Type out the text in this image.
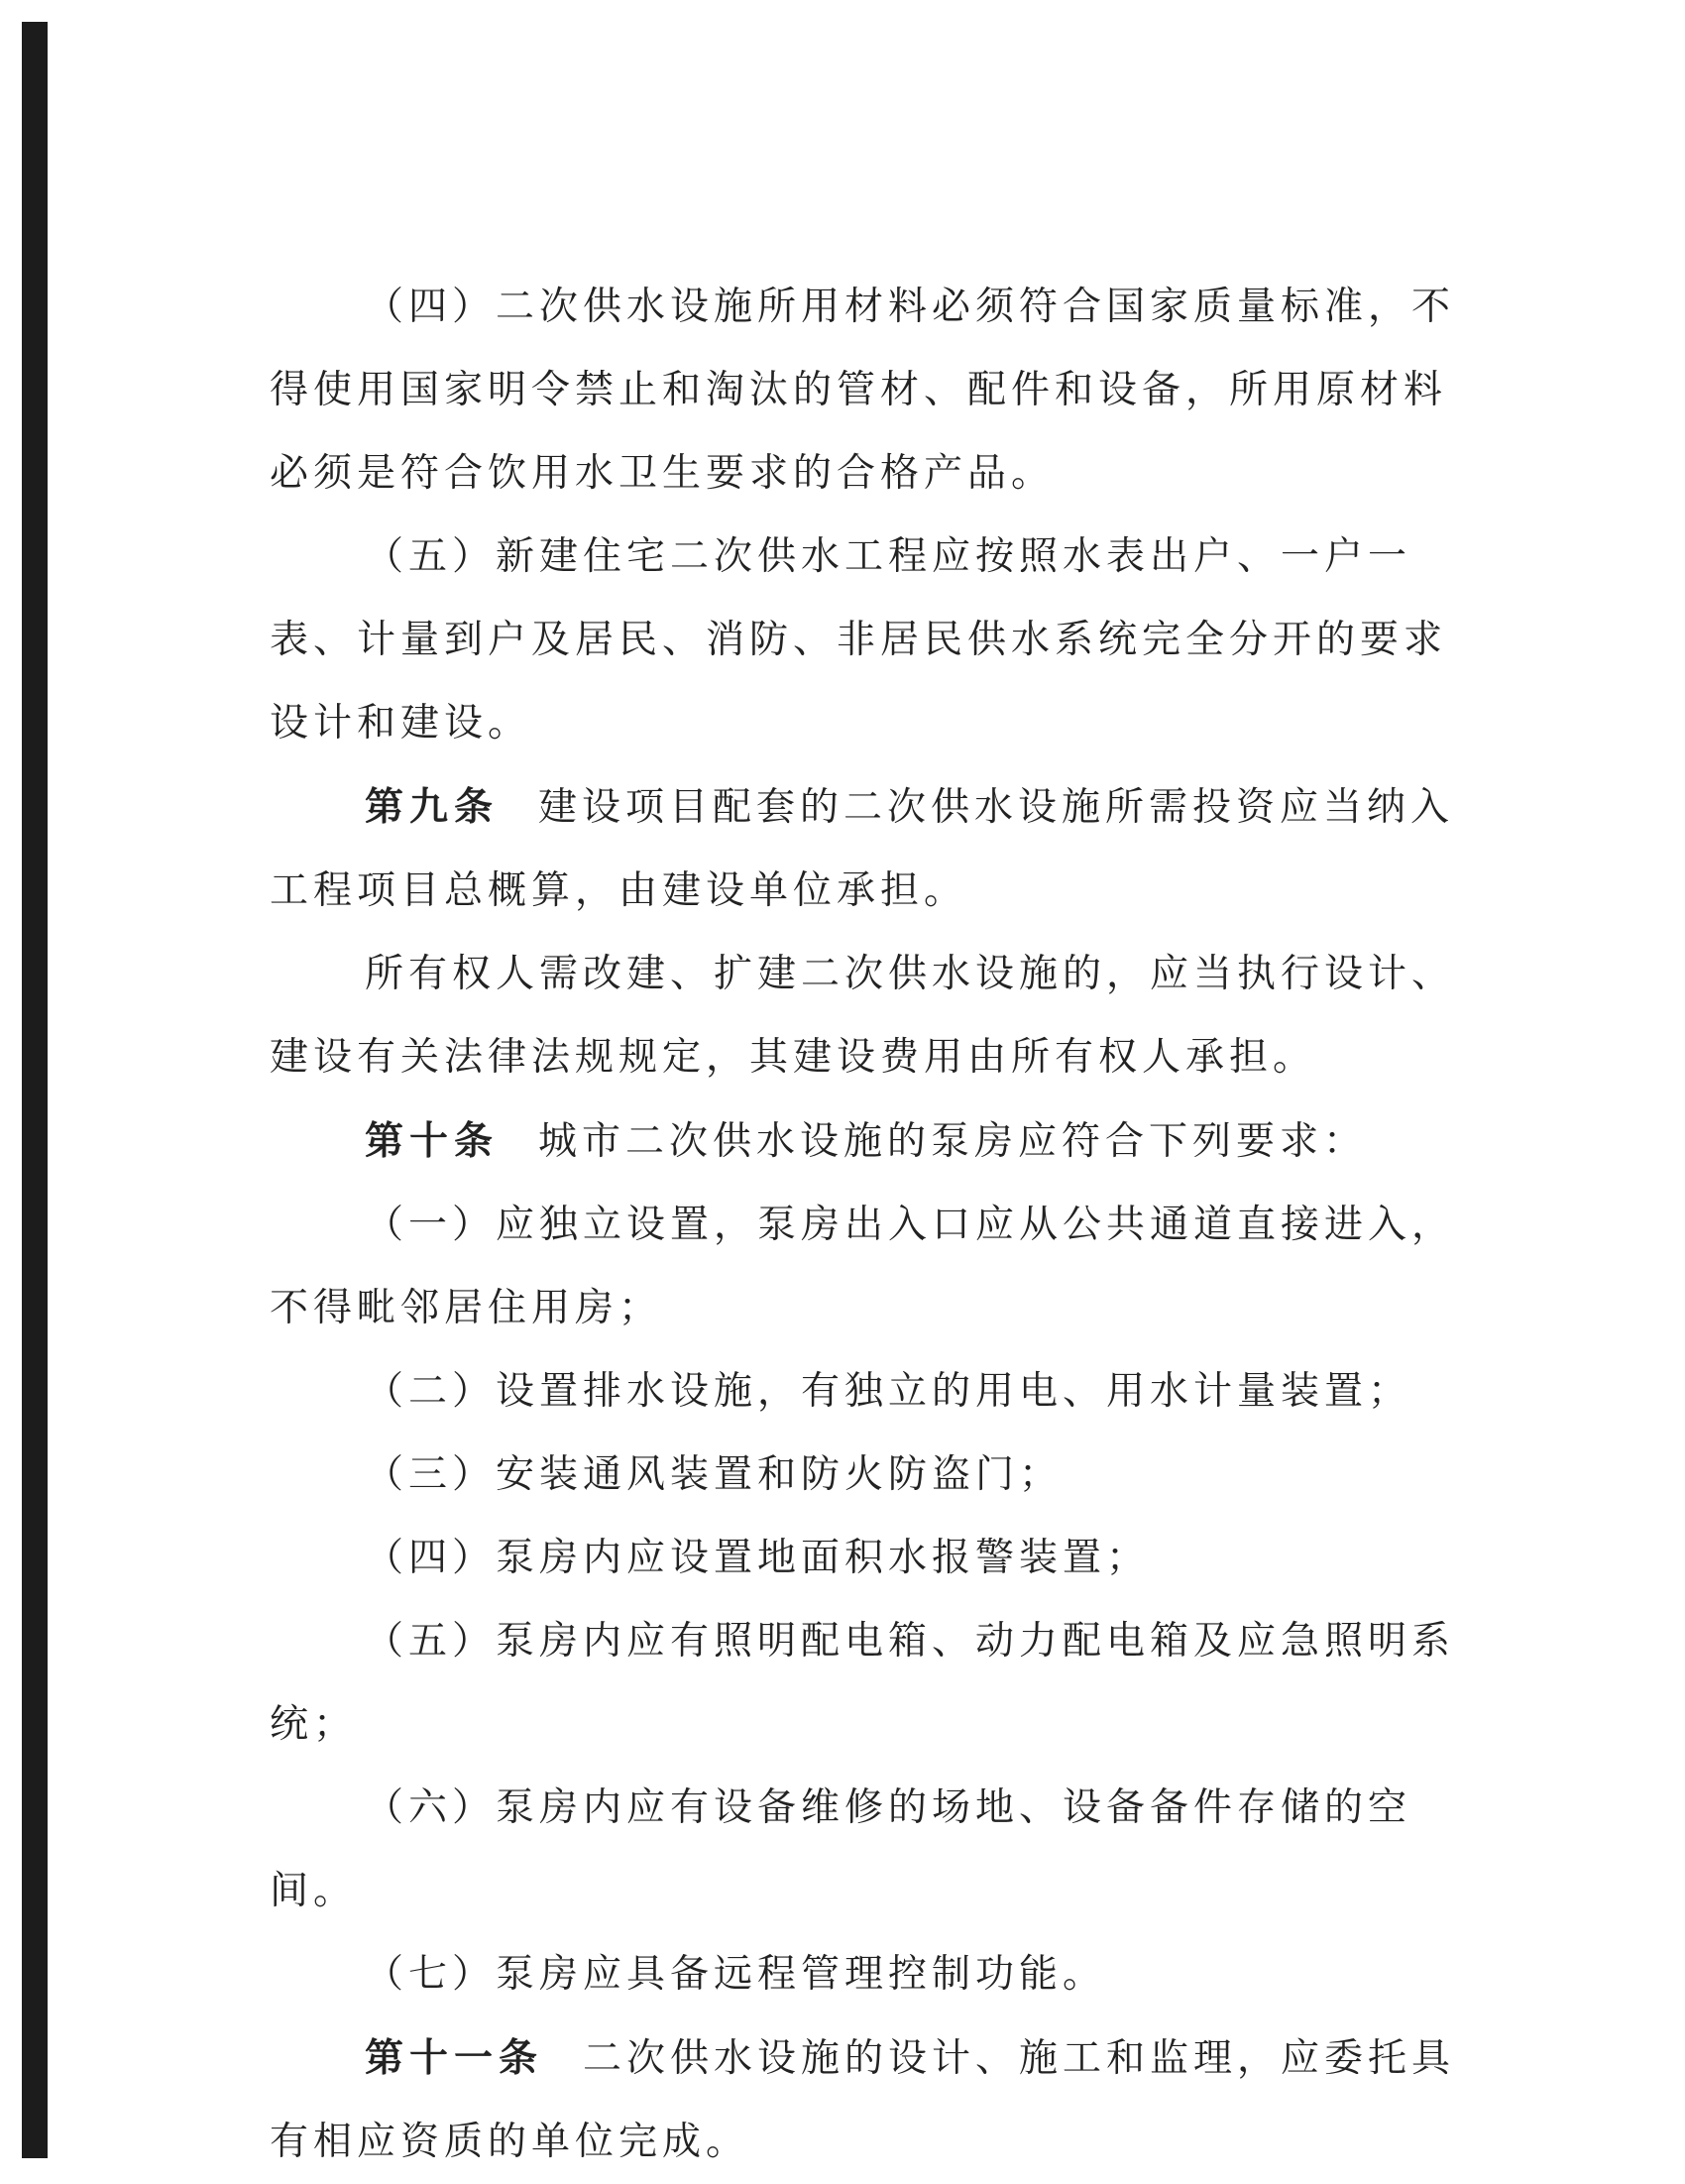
（四）二次供水设施所用材料必须符合国家质量标准，不得使用国家明令禁止和淘汰的管材、配件和设备，所用原材料必须是符合饮用水卫生要求的合格产品。

（五）新建住宅二次供水工程应按照水表出户、一户一表、计量到户及居民、消防、非居民供水系统完全分开的要求设计和建设。

第九条 建设项目配套的二次供水设施所需投资应当纳入工程项目总概算，由建设单位承担。

所有权人需改建、扩建二次供水设施的，应当执行设计、建设有关法律法规规定，其建设费用由所有权人承担。

第十条 城市二次供水设施的泵房应符合下列要求：

（一）应独立设置，泵房出入口应从公共通道直接进入，不得毗邻居住用房；

（二）设置排水设施，有独立的用电、用水计量装置；

（三）安装通风装置和防火防盗门；

（四）泵房内应设置地面积水报警装置；

（五）泵房内应有照明配电箱、动力配电箱及应急照明系统；

（六）泵房内应有设备维修的场地、设备备件存储的空间。

（七）泵房应具备远程管理控制功能。

第十一条 二次供水设施的设计、施工和监理，应委托具有相应资质的单位完成。
